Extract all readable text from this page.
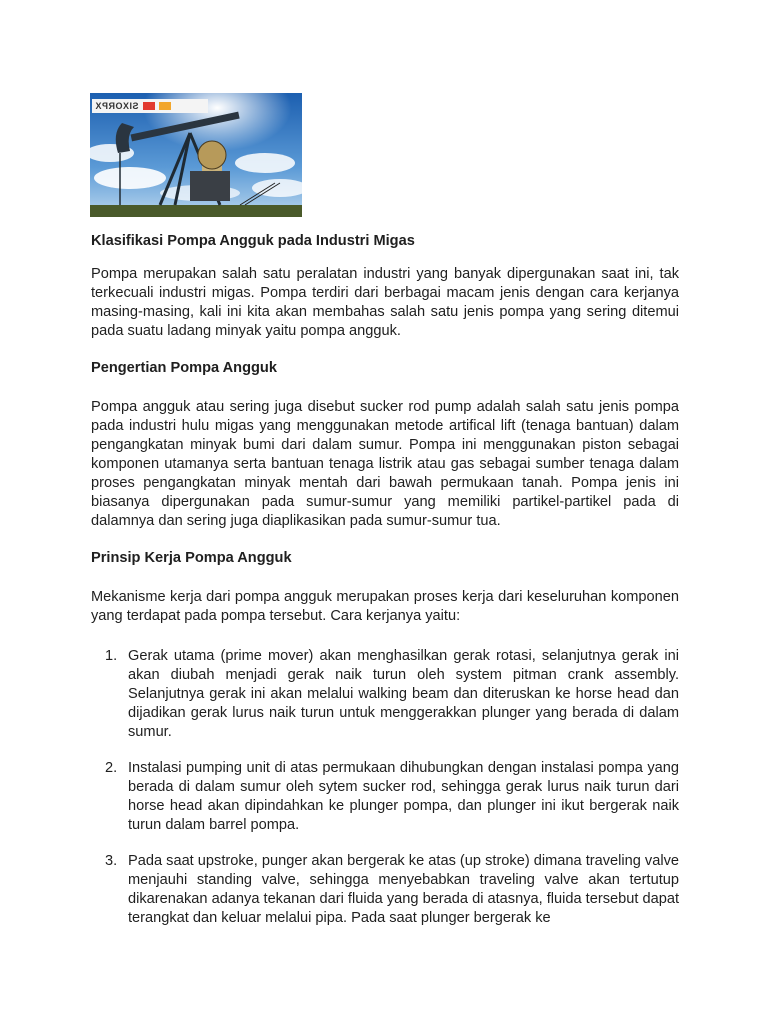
SIXORPX
Klasifikasi Pompa Angguk pada Industri Migas

Pompa merupakan salah satu peralatan industri yang banyak dipergunakan saat ini, tak terkecuali industri migas. Pompa terdiri dari berbagai macam jenis dengan cara kerjanya masing-masing, kali ini kita akan membahas salah satu jenis pompa yang sering ditemui pada suatu ladang minyak yaitu pompa angguk.

Pengertian Pompa Angguk

Pompa angguk atau sering juga disebut sucker rod pump adalah salah satu jenis pompa pada industri hulu migas yang menggunakan metode artifical lift (tenaga bantuan) dalam pengangkatan minyak bumi dari dalam sumur. Pompa ini menggunakan piston sebagai komponen utamanya serta bantuan tenaga listrik atau gas sebagai sumber tenaga dalam proses pengangkatan minyak mentah dari bawah permukaan tanah. Pompa jenis ini biasanya dipergunakan pada sumur-sumur yang memiliki partikel-partikel pada di dalamnya dan sering juga diaplikasikan pada sumur-sumur tua.

Prinsip Kerja Pompa Angguk

Mekanisme kerja dari pompa angguk merupakan proses kerja dari keseluruhan komponen yang terdapat pada pompa tersebut. Cara kerjanya yaitu:

1. Gerak utama (prime mover) akan menghasilkan gerak rotasi, selanjutnya gerak ini akan diubah menjadi gerak naik turun oleh system pitman crank assembly. Selanjutnya gerak ini akan melalui walking beam dan diteruskan ke horse head dan dijadikan gerak lurus naik turun untuk menggerakkan plunger yang berada di dalam sumur.
2. Instalasi pumping unit di atas permukaan dihubungkan dengan instalasi pompa yang berada di dalam sumur oleh sytem sucker rod, sehingga gerak lurus naik turun dari horse head akan dipindahkan ke plunger pompa, dan plunger ini ikut bergerak naik turun dalam barrel pompa.
3. Pada saat upstroke, punger akan bergerak ke atas (up stroke) dimana traveling valve menjauhi standing valve, sehingga menyebabkan traveling valve akan tertutup dikarenakan adanya tekanan dari fluida yang berada di atasnya, fluida tersebut dapat terangkat dan keluar melalui pipa. Pada saat plunger bergerak ke
